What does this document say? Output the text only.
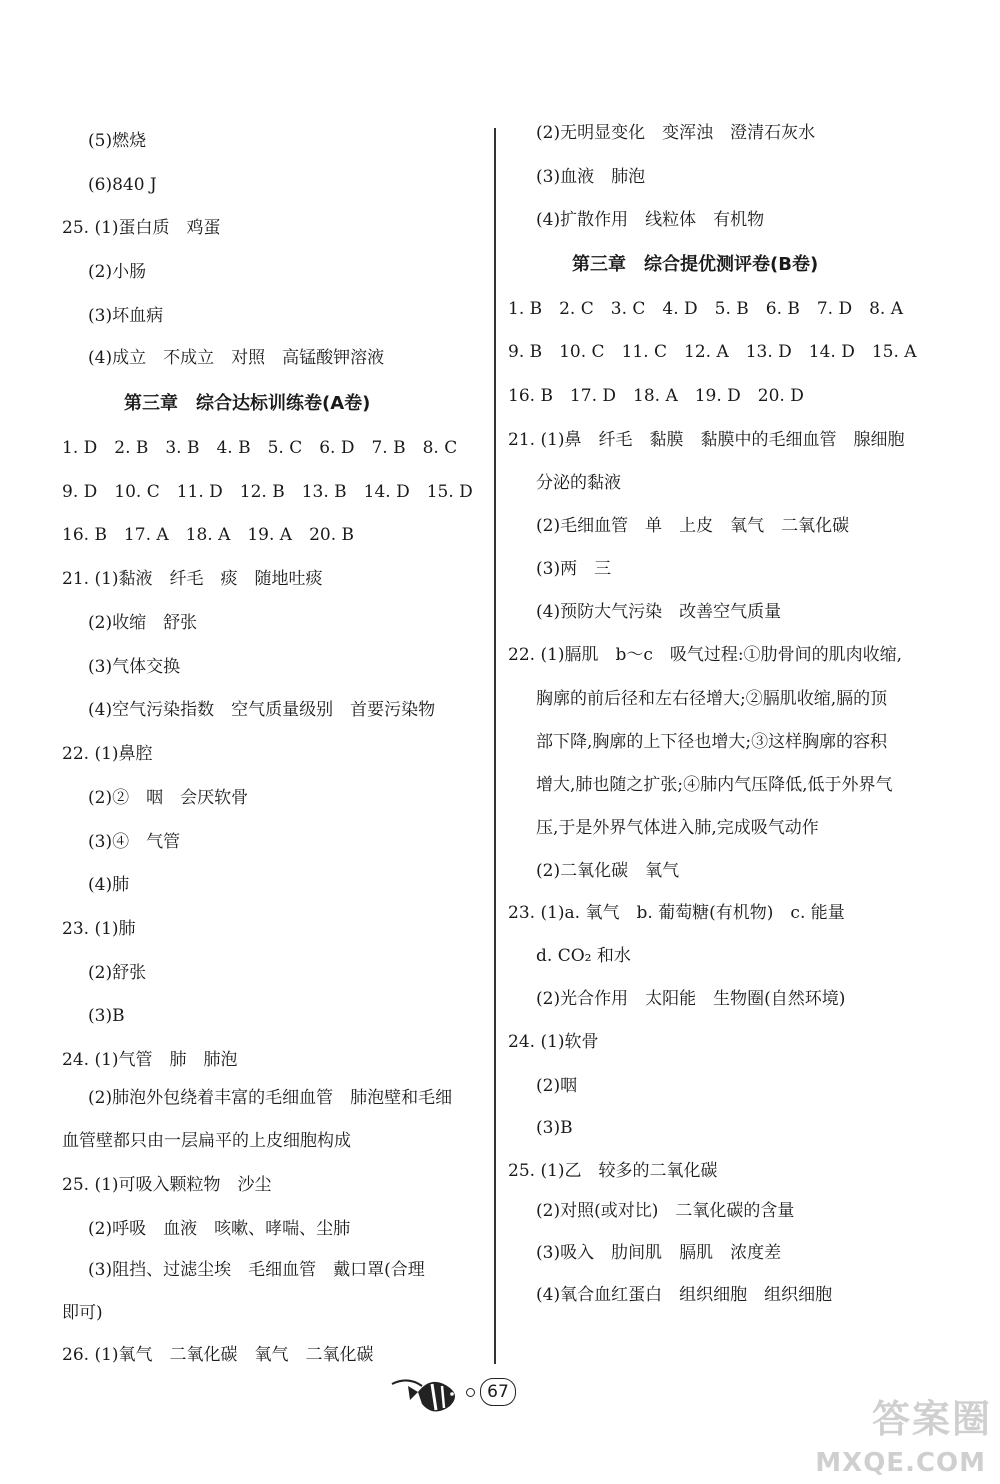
(5)燃烧
(6)840 J
25. (1)蛋白质　鸡蛋
(2)小肠
(3)坏血病
(4)成立　不成立　对照　高锰酸钾溶液
第三章　综合达标训练卷(A卷)
1. D　2. B　3. B　4. B　5. C　6. D　7. B　8. C
9. D　10. C　11. D　12. B　13. B　14. D　15. D
16. B　17. A　18. A　19. A　20. B
21. (1)黏液　纤毛　痰　随地吐痰
(2)收缩　舒张
(3)气体交换
(4)空气污染指数　空气质量级别　首要污染物
22. (1)鼻腔
(2)②　咽　会厌软骨
(3)④　气管
(4)肺
23. (1)肺
(2)舒张
(3)B
24. (1)气管　肺　肺泡
(2)肺泡外包绕着丰富的毛细血管　肺泡壁和毛细
血管壁都只由一层扁平的上皮细胞构成
25. (1)可吸入颗粒物　沙尘
(2)呼吸　血液　咳嗽、哮喘、尘肺
(3)阻挡、过滤尘埃　毛细血管　戴口罩(合理
即可)
26. (1)氧气　二氧化碳　氧气　二氧化碳
(2)无明显变化　变浑浊　澄清石灰水
(3)血液　肺泡
(4)扩散作用　线粒体　有机物
第三章　综合提优测评卷(B卷)
1. B　2. C　3. C　4. D　5. B　6. B　7. D　8. A
9. B　10. C　11. C　12. A　13. D　14. D　15. A
16. B　17. D　18. A　19. D　20. D
21. (1)鼻　纤毛　黏膜　黏膜中的毛细血管　腺细胞
分泌的黏液
(2)毛细血管　单　上皮　氧气　二氧化碳
(3)两　三
(4)预防大气污染　改善空气质量
22. (1)膈肌　b～c　吸气过程:①肋骨间的肌肉收缩,
胸廓的前后径和左右径增大;②膈肌收缩,膈的顶
部下降,胸廓的上下径也增大;③这样胸廓的容积
增大,肺也随之扩张;④肺内气压降低,低于外界气
压,于是外界气体进入肺,完成吸气动作
(2)二氧化碳　氧气
23. (1)a. 氧气　b. 葡萄糖(有机物)　c. 能量
d. CO₂ 和水
(2)光合作用　太阳能　生物圈(自然环境)
24. (1)软骨
(2)咽
(3)B
25. (1)乙　较多的二氧化碳
(2)对照(或对比)　二氧化碳的含量
(3)吸入　肋间肌　膈肌　浓度差
(4)氧合血红蛋白　组织细胞　组织细胞
67
答案圈
MXQE.COM
